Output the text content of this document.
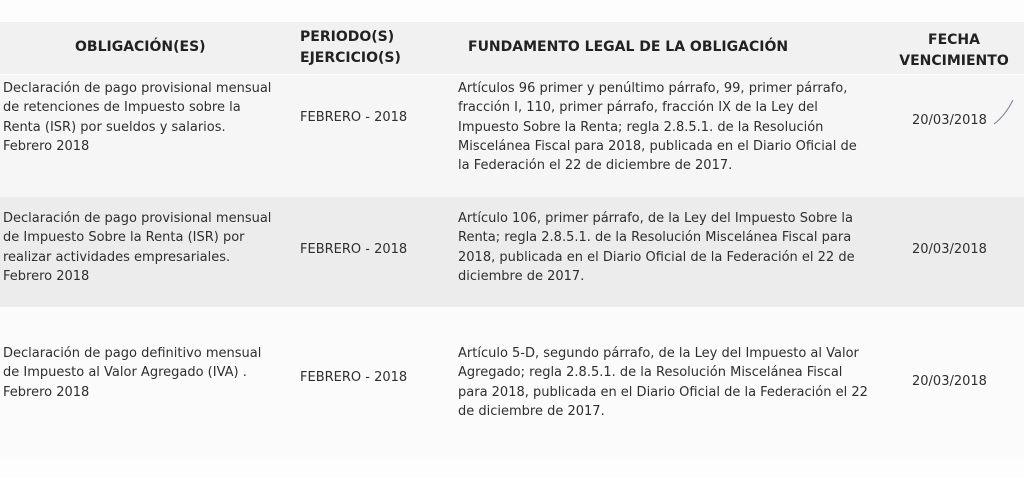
OBLIGACIÓN(ES)
PERIODO(S)
EJERCICIO(S)
FUNDAMENTO LEGAL DE LA OBLIGACIÓN	FECHA
VENCIMIENTO
Declaración de pago provisional mensual
de retenciones de Impuesto sobre la
Renta (ISR) por sueldos y salarios.
Febrero 2018
FEBRERO - 2018
Artículos 96 primer y penúltimo párrafo, 99, primer párrafo,
fracción I, 110, primer párrafo, fracción IX de la Ley del
Impuesto Sobre la Renta; regla 2.8.5.1. de la Resolución
Miscelánea Fiscal para 2018, publicada en el Diario Oficial de
la Federación el 22 de diciembre de 2017.
20/03/2018
Declaración de pago provisional mensual
de Impuesto Sobre la Renta (ISR) por
realizar actividades empresariales.
Febrero 2018
FEBRERO - 2018
Artículo 106, primer párrafo, de la Ley del Impuesto Sobre la
Renta; regla 2.8.5.1. de la Resolución Miscelánea Fiscal para
2018, publicada en el Diario Oficial de la Federación el 22 de
diciembre de 2017.
20/03/2018
Declaración de pago definitivo mensual
de Impuesto al Valor Agregado (IVA) .
Febrero 2018
FEBRERO - 2018
Artículo 5-D, segundo párrafo, de la Ley del Impuesto al Valor
Agregado; regla 2.8.5.1. de la Resolución Miscelánea Fiscal
para 2018, publicada en el Diario Oficial de la Federación el 22
de diciembre de 2017.
20/03/2018
